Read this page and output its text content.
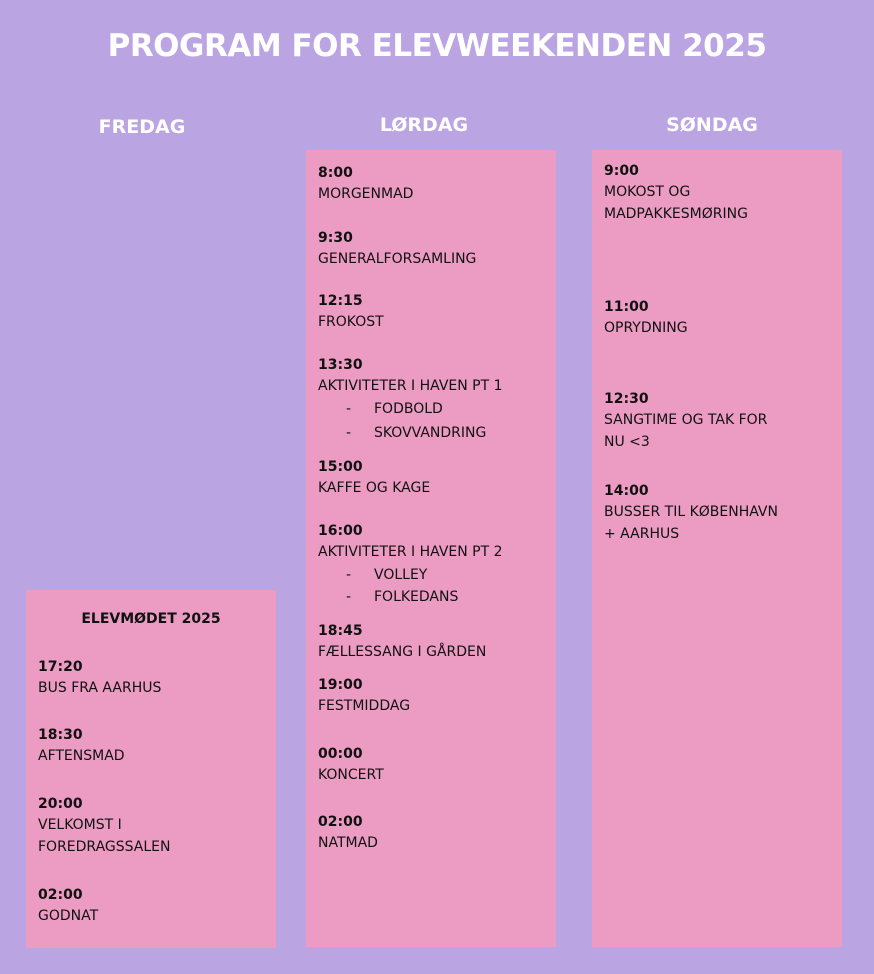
PROGRAM FOR ELEVWEEKENDEN 2025
FREDAG	LØRDAG	SØNDAG
ELEVMØDET 2025
17:20
BUS FRA AARHUS
18:30
AFTENSMAD
20:00
VELKOMST I
FOREDRAGSSALEN
02:00
GODNAT
8:00
MORGENMAD
9:30
GENERALFORSAMLING
12:15
FROKOST
13:30
AKTIVITETER I HAVEN PT 1
- FODBOLD
- SKOVVANDRING
15:00
KAFFE OG KAGE
16:00
AKTIVITETER I HAVEN PT 2
- VOLLEY
- FOLKEDANS
18:45
FÆLLESSANG I GÅRDEN
19:00
FESTMIDDAG
00:00
KONCERT
02:00
NATMAD
9:00
MOKOST OG
MADPAKKESMØRING
11:00
OPRYDNING
12:30
SANGTIME OG TAK FOR
NU <3
14:00
BUSSER TIL KØBENHAVN
+ AARHUS
